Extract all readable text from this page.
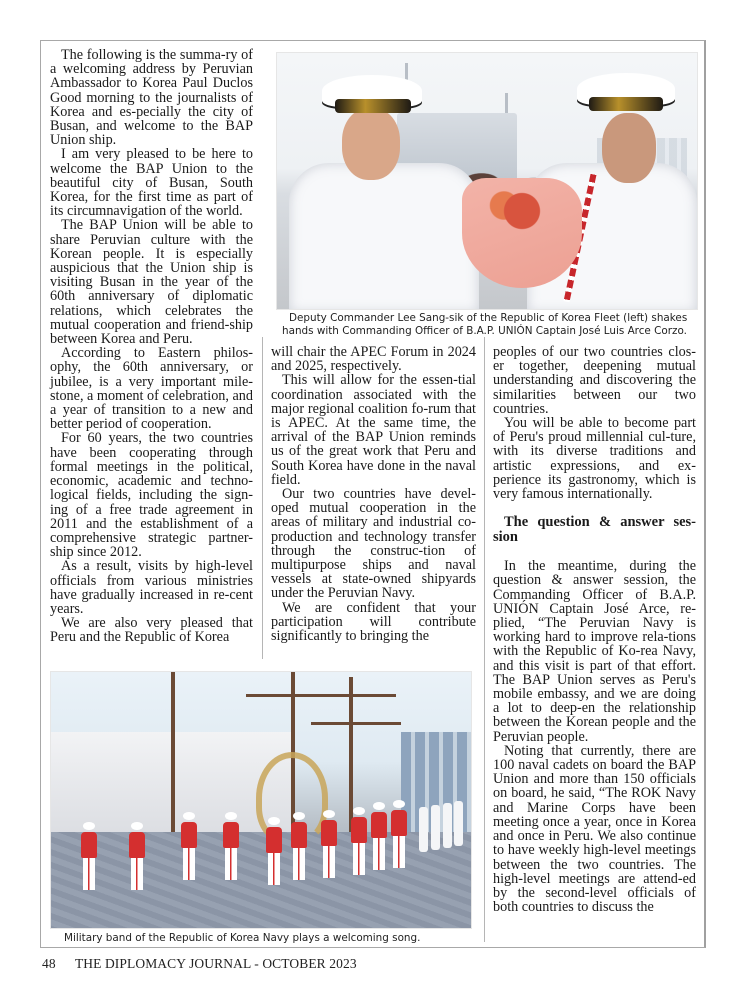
The following is the summa-ry of a welcoming address by Peruvian Ambassador to Korea Paul Duclos Good morning to the journalists of Korea and es-pecially the city of Busan, and welcome to the BAP Union ship.

I am very pleased to be here to welcome the BAP Union to the beautiful city of Busan, South Korea, for the first time as part of its circumnavigation of the world.

The BAP Union will be able to share Peruvian culture with the Korean people. It is especially auspicious that the Union ship is visiting Busan in the year of the 60th anniversary of diplomatic relations, which celebrates the mutual cooperation and friend-ship between Korea and Peru.

According to Eastern philos-ophy, the 60th anniversary, or jubilee, is a very important mile-stone, a moment of celebration, and a year of transition to a new and better period of cooperation.

For 60 years, the two countries have been cooperating through formal meetings in the political, economic, academic and techno-logical fields, including the sign-ing of a free trade agreement in 2011 and the establishment of a comprehensive strategic partner-ship since 2012.

As a result, visits by high-level officials from various ministries have gradually increased in re-cent years.

We are also very pleased that Peru and the Republic of Korea

Deputy Commander Lee Sang-sik of the Republic of Korea Fleet (left) shakes
hands with Commanding Officer of B.A.P. UNIÓN Captain José Luis Arce Corzo.

will chair the APEC Forum in 2024 and 2025, respectively.

This will allow for the essen-tial coordination associated with the major regional coalition fo-rum that is APEC. At the same time, the arrival of the BAP Union reminds us of the great work that Peru and South Korea have done in the naval field.

Our two countries have devel-oped mutual cooperation in the areas of military and industrial co-production and technology transfer through the construc-tion of multipurpose ships and naval vessels at state-owned shipyards under the Peruvian Navy.

We are confident that your participation will contribute significantly to bringing the

peoples of our two countries clos-er together, deepening mutual understanding and discovering the similarities between our two countries.

You will be able to become part of Peru's proud millennial cul-ture, with its diverse traditions and artistic expressions, and ex-perience its gastronomy, which is very famous internationally.

The question & answer ses-sion

In the meantime, during the question & answer session, the Commanding Officer of B.A.P. UNIÓN Captain José Arce, re-plied, “The Peruvian Navy is working hard to improve rela-tions with the Republic of Ko-rea Navy, and this visit is part of that effort. The BAP Union serves as Peru's mobile embassy, and we are doing a lot to deep-en the relationship between the Korean people and the Peruvian people.

Noting that currently, there are 100 naval cadets on board the BAP Union and more than 150 officials on board, he said, “The ROK Navy and Marine Corps have been meeting once a year, once in Korea and once in Peru. We also continue to have weekly high-level meetings between the two countries. The high-level meetings are attend-ed by the second-level officials of both countries to discuss the

Military band of the Republic of Korea Navy plays a welcoming song.
48 THE DIPLOMACY JOURNAL - OCTOBER 2023
